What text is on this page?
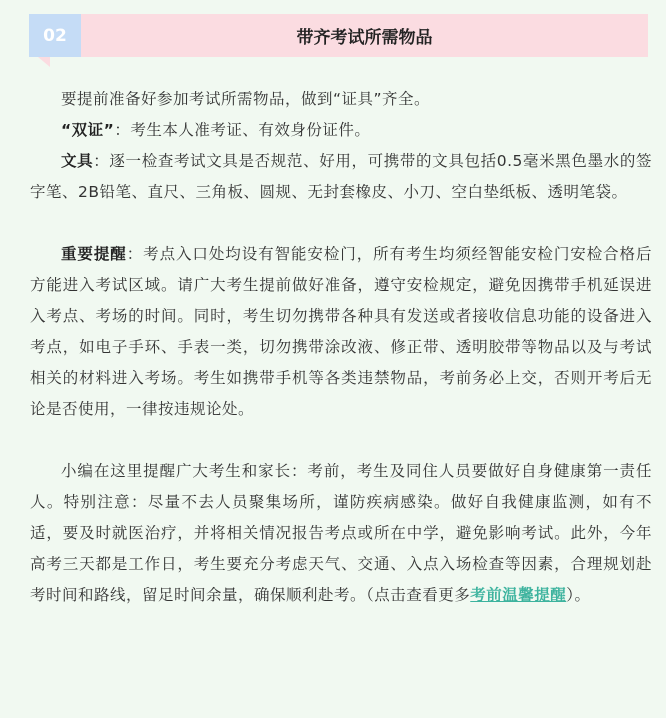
02	带齐考试所需物品

要提前准备好参加考试所需物品，做到“证具”齐全。

“双证”：考生本人准考证、有效身份证件。

文具：逐一检查考试文具是否规范、好用，可携带的文具包括0.5毫米黑色墨水的签字笔、2B铅笔、直尺、三角板、圆规、无封套橡皮、小刀、空白垫纸板、透明笔袋。

重要提醒：考点入口处均设有智能安检门，所有考生均须经智能安检门安检合格后方能进入考试区域。请广大考生提前做好准备，遵守安检规定，避免因携带手机延误进入考点、考场的时间。同时，考生切勿携带各种具有发送或者接收信息功能的设备进入考点，如电子手环、手表一类，切勿携带涂改液、修正带、透明胶带等物品以及与考试相关的材料进入考场。考生如携带手机等各类违禁物品，考前务必上交，否则开考后无论是否使用，一律按违规论处。

小编在这里提醒广大考生和家长：考前，考生及同住人员要做好自身健康第一责任人。特别注意：尽量不去人员聚集场所，谨防疾病感染。做好自我健康监测，如有不适，要及时就医治疗，并将相关情况报告考点或所在中学，避免影响考试。此外，今年高考三天都是工作日，考生要充分考虑天气、交通、入点入场检查等因素，合理规划赴考时间和路线，留足时间余量，确保顺利赴考。（点击查看更多考前温馨提醒）。
